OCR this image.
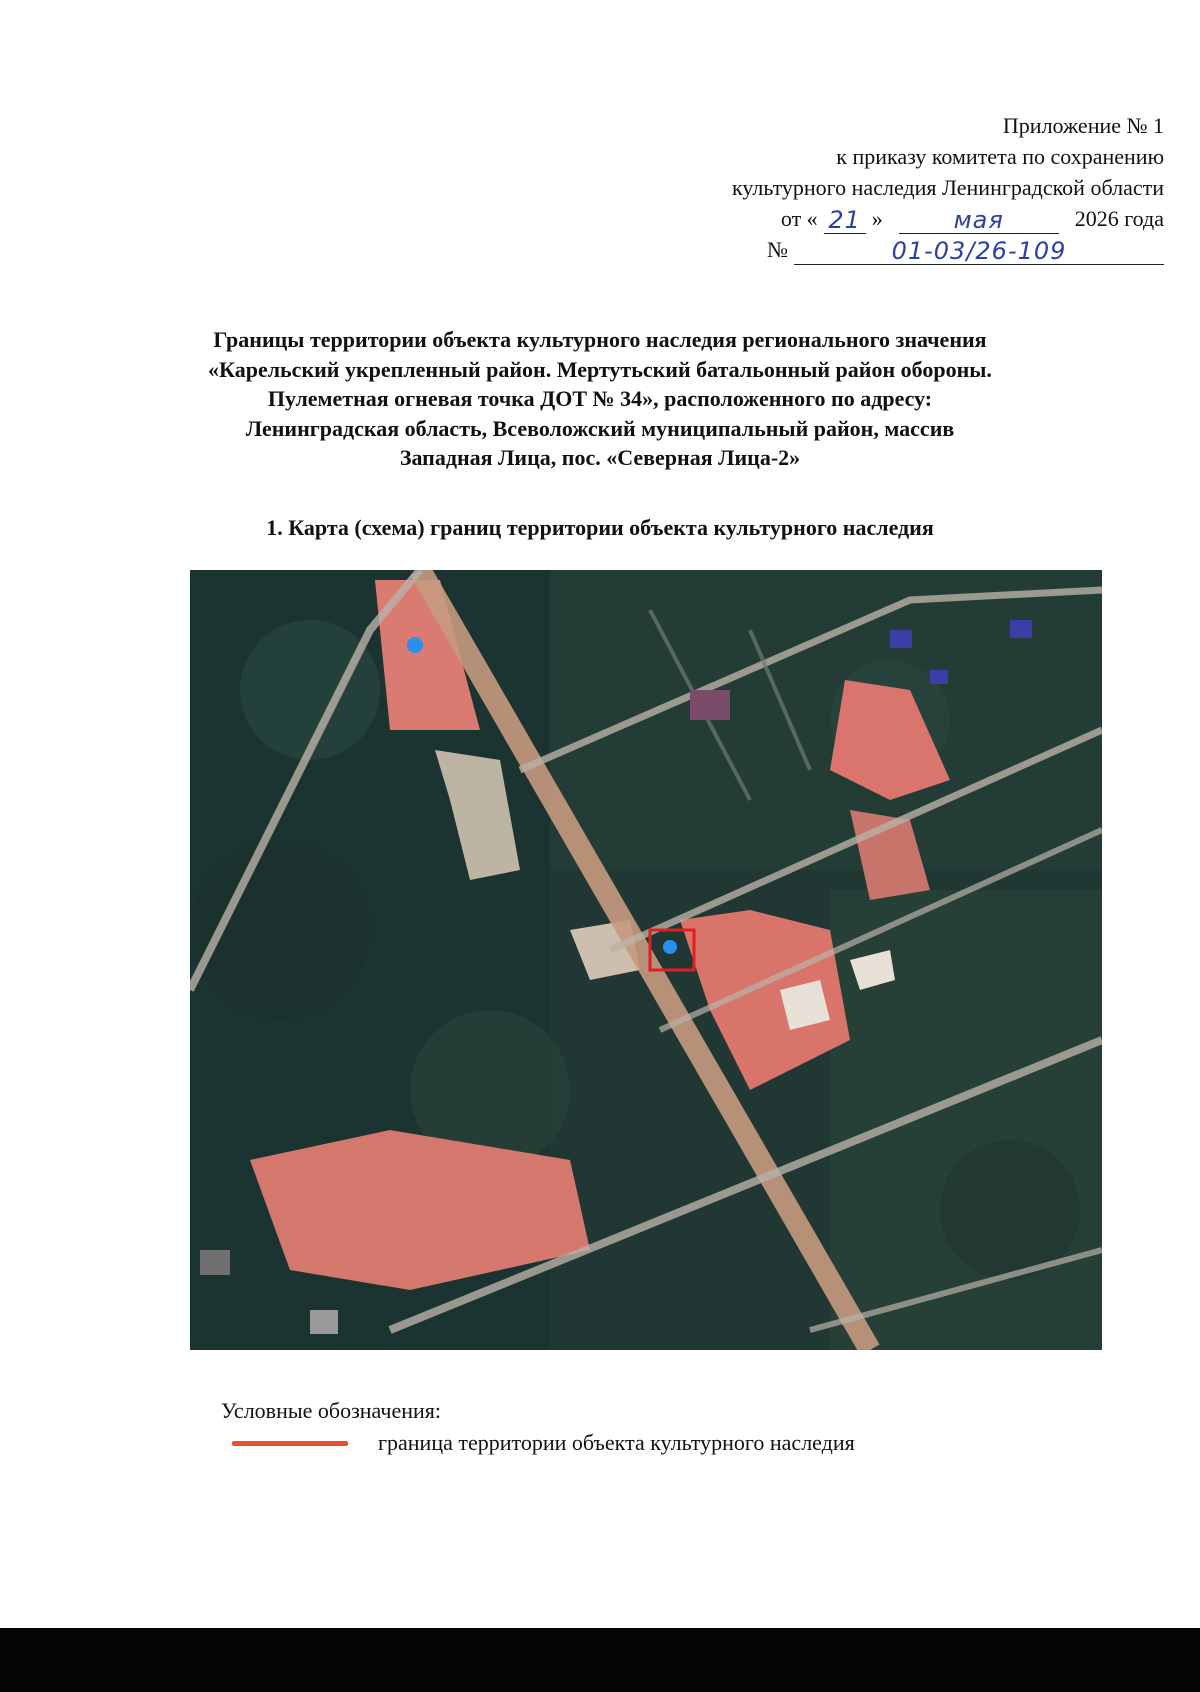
Приложение № 1
к приказу комитета по сохранению
культурного наследия Ленинградской области
от « 21 »	мая	2026 года
№	01-03/26-109
Границы территории объекта культурного наследия регионального значения
«Карельский укрепленный район. Мертутьский батальонный район обороны.
Пулеметная огневая точка ДОТ № 34», расположенного по адресу:
Ленинградская область, Всеволожский муниципальный район, массив
Западная Лица, пос. «Северная Лица-2»
1. Карта (схема) границ территории объекта культурного наследия
Условные обозначения:
граница территории объекта культурного наследия
